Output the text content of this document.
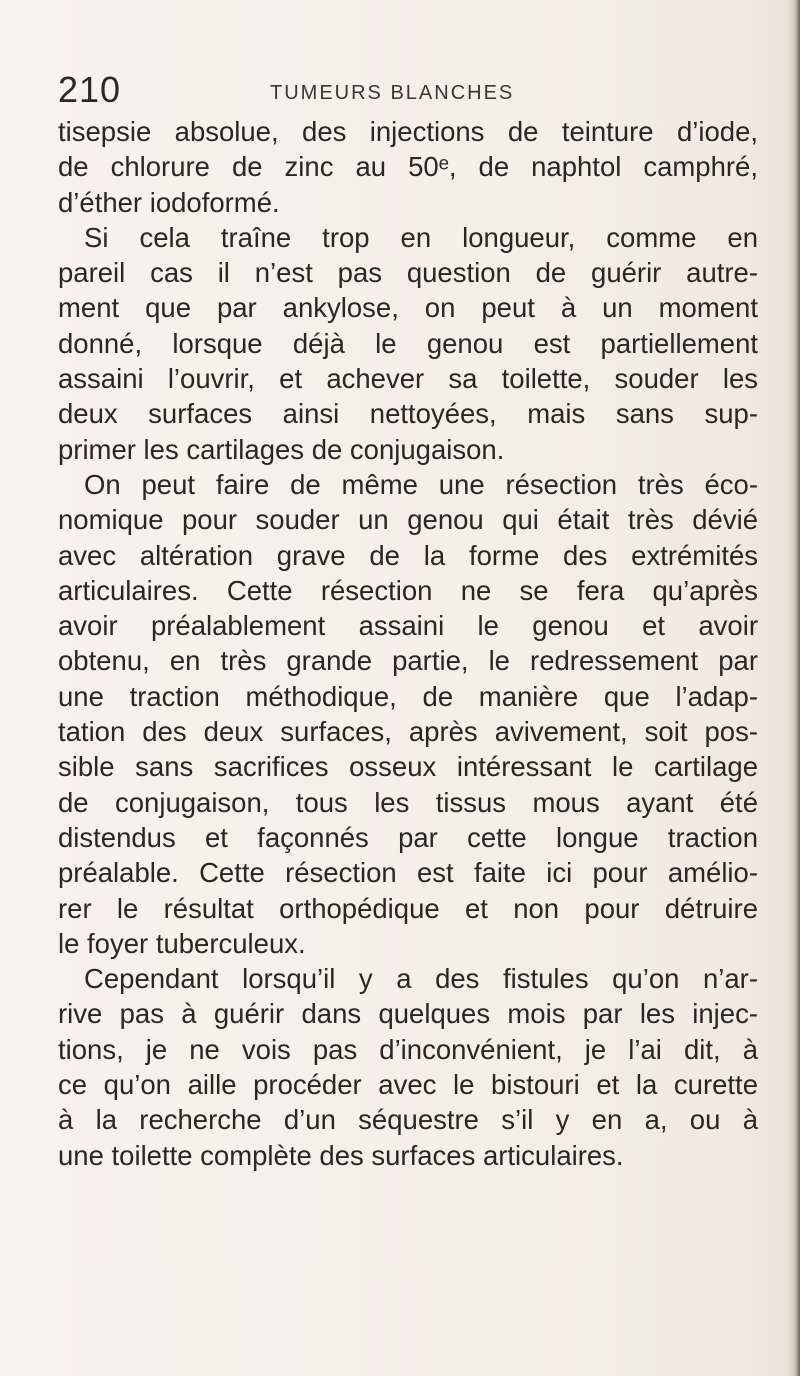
210	TUMEURS BLANCHES
tisepsie absolue, des injections de teinture d’iode,
de chlorure de zinc au 50ᵉ, de naphtol camphré,
d’éther iodoformé.
Si cela traîne trop en longueur, comme en
pareil cas il n’est pas question de guérir autre-
ment que par ankylose, on peut à un moment
donné, lorsque déjà le genou est partiellement
assaini l’ouvrir, et achever sa toilette, souder les
deux surfaces ainsi nettoyées, mais sans sup-
primer les cartilages de conjugaison.
On peut faire de même une résection très éco-
nomique pour souder un genou qui était très dévié
avec altération grave de la forme des extrémités
articulaires. Cette résection ne se fera qu’après
avoir préalablement assaini le genou et avoir
obtenu, en très grande partie, le redressement par
une traction méthodique, de manière que l’adap-
tation des deux surfaces, après avivement, soit pos-
sible sans sacrifices osseux intéressant le cartilage
de conjugaison, tous les tissus mous ayant été
distendus et façonnés par cette longue traction
préalable. Cette résection est faite ici pour amélio-
rer le résultat orthopédique et non pour détruire
le foyer tuberculeux.
Cependant lorsqu’il y a des fistules qu’on n’ar-
rive pas à guérir dans quelques mois par les injec-
tions, je ne vois pas d’inconvénient, je l’ai dit, à
ce qu’on aille procéder avec le bistouri et la curette
à la recherche d’un séquestre s’il y en a, ou à
une toilette complète des surfaces articulaires.
